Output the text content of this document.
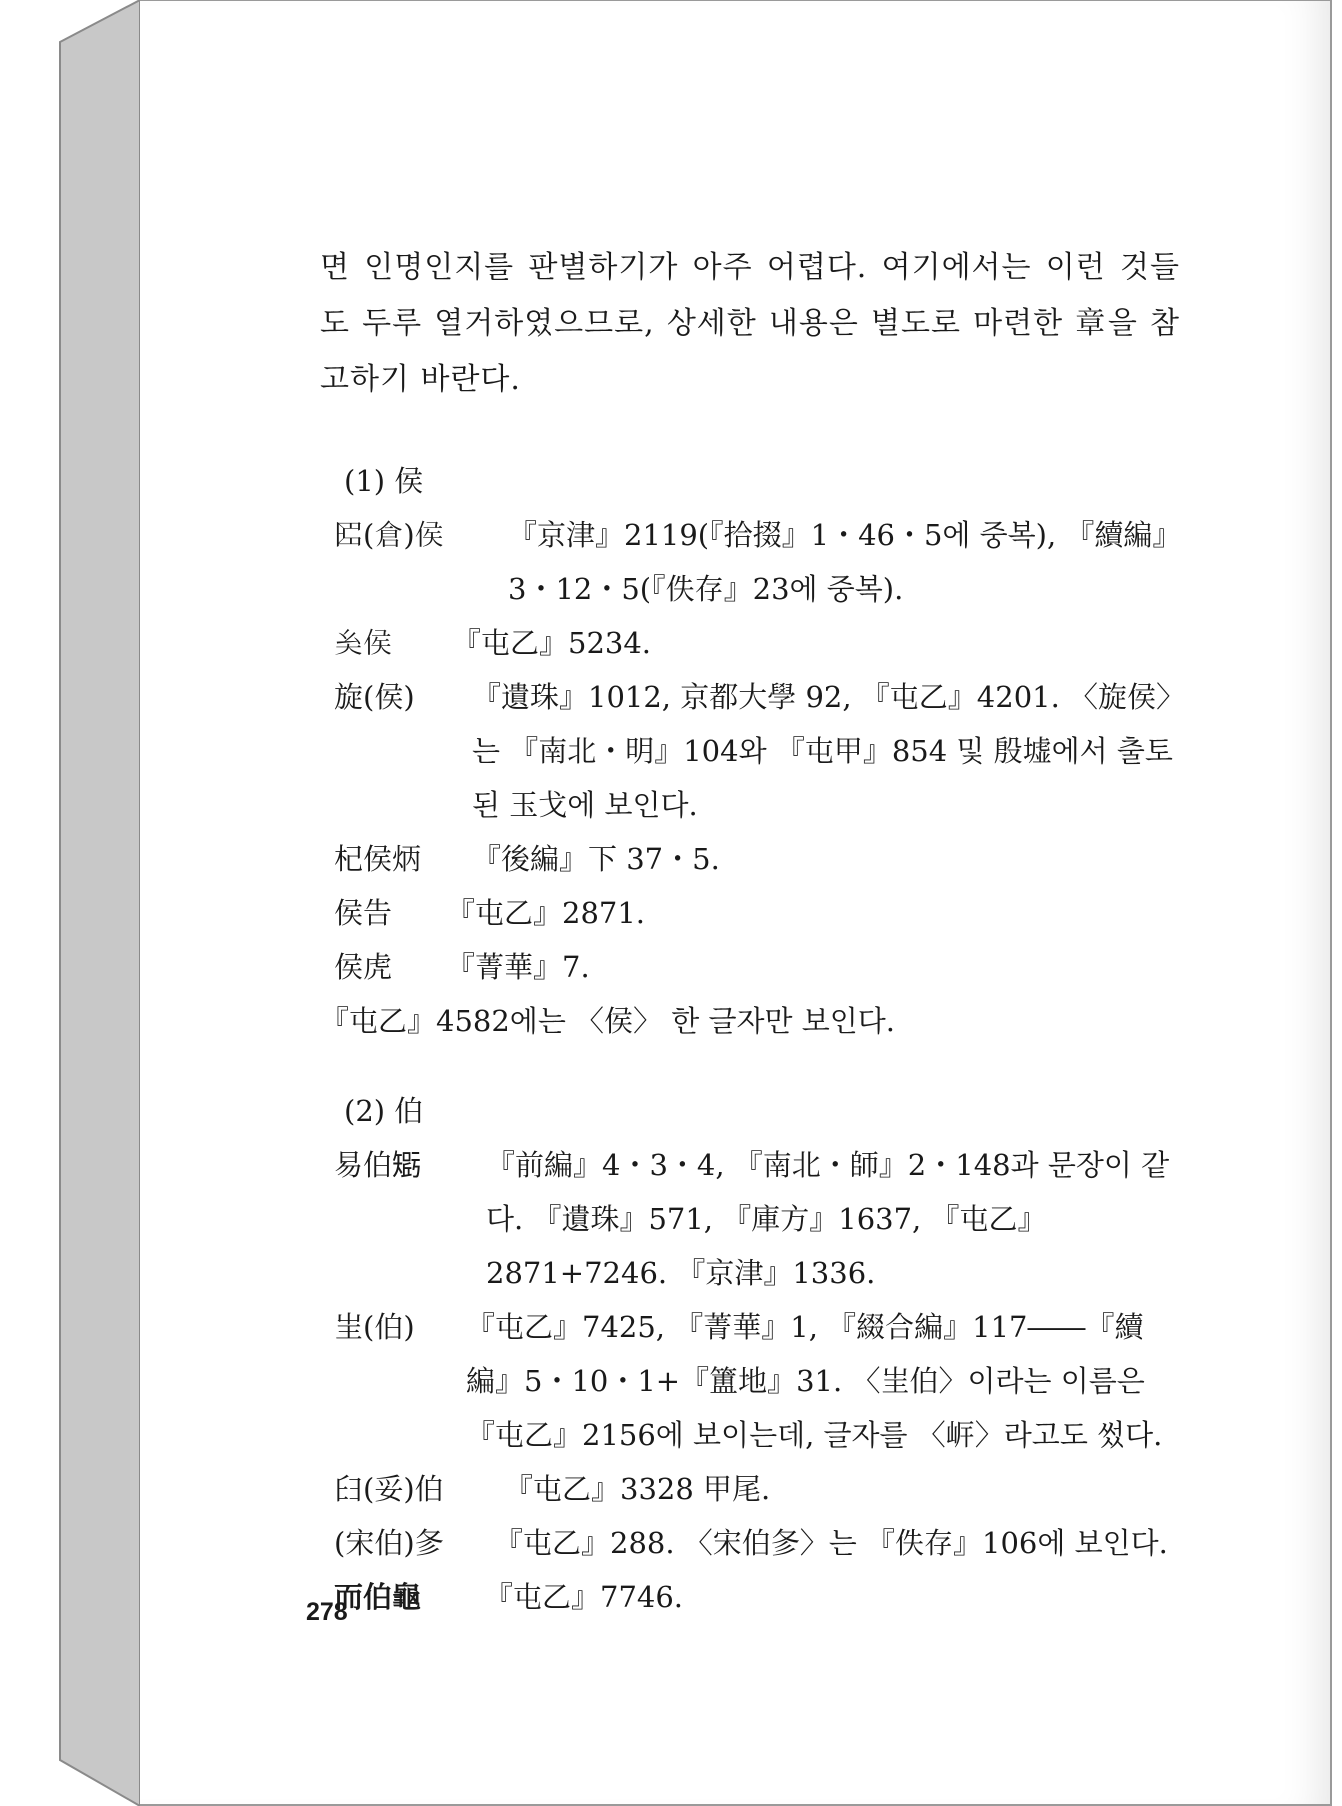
면 인명인지를 판별하기가 아주 어렵다. 여기에서는 이런 것들도 두루 열거하였으므로, 상세한 내용은 별도로 마련한 章을 참고하기 바란다.

(1) 侯

𠥓(倉)侯	『京津』2119(『拾掇』1・46・5에 중복), 『續編』3・12・5(『佚存』23에 중복).
𡗞侯	『屯乙』5234.
旋(侯)	『遺珠』1012, 京都大學 92, 『屯乙』4201. 〈旋侯〉는 『南北・明』104와 『屯甲』854 및 殷墟에서 출토된 玉戈에 보인다.
杞侯炳	『後編』下 37・5.
侯告	『屯乙』2871.
侯虎	『菁華』7.

『屯乙』4582에는 〈侯〉 한 글자만 보인다.

(2) 伯

易伯𥏾	『前編』4・3・4, 『南北・師』2・148과 문장이 같다. 『遺珠』571, 『庫方』1637, 『屯乙』2871+7246. 『京津』1336.
㞷(伯)	『屯乙』7425, 『菁華』1, 『綴合編』117――『續編』5・10・1+『簠地』31. 〈㞷伯〉이라는 이름은 『屯乙』2156에 보이는데, 글자를 〈㟁〉라고도 썼다.
𦥑(妥)伯	『屯乙』3328 甲尾.
(宋伯)㣊	『屯乙』288. 〈宋伯㣊〉는 『佚存』106에 보인다.
而伯龜	『屯乙』7746.
278
